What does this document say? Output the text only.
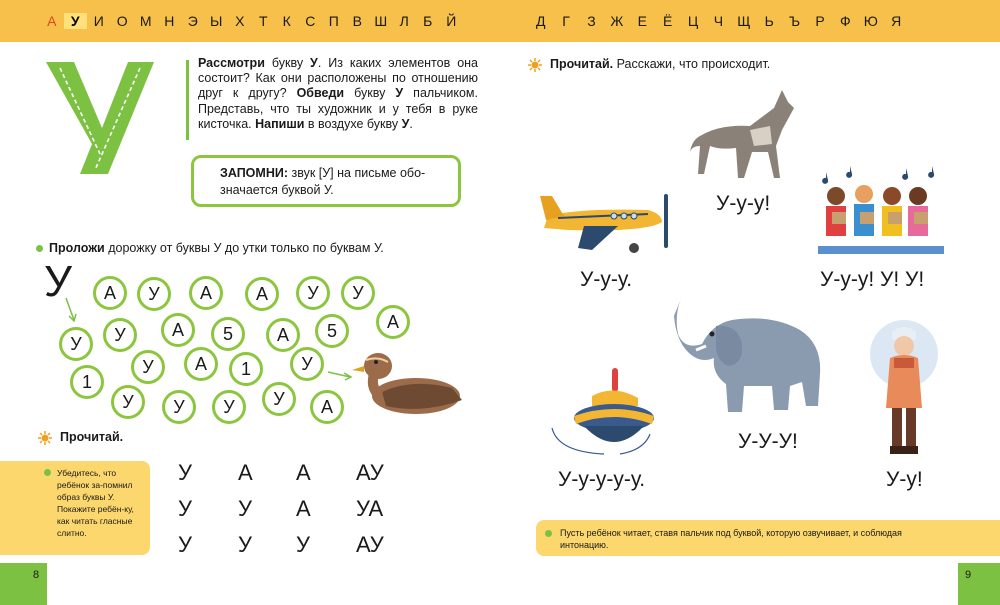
А	У	И О М Н Э Ы Х	Т	К	С П В Ш Л	Б Й	Д	Г	З	Ж	Е	Ё	Ц	Ч	Щ	Ь	Ъ	Р	Ф Ю Я
Рассмотри букву У. Из каких элементов она состоит? Как они расположены по отношению друг к другу? Обведи букву У пальчиком. Представь, что ты художник и у тебя в руке кисточка. Напиши в воздухе букву У.
ЗАПОМНИ: звук [У] на письме обо-значается буквой У.
Проложи дорожку от буквы У до утки только по буквам У.
У	А	У	А	А	У	У
У	У	А	5	А	5	А
1
У	А	1	У
У	У	У	У	А
Прочитай.
Убедитесь, что ребёнок за-помнил образ буквы У. Покажите ребён-ку, как читать гласные слитно.
У А А АУ
У У А УА
У У У АУ
8	9
Прочитай. Расскажи, что происходит.
У-у-у!
У-у-у.	У-у-у! У! У!
У-У-У!
У-у-у-у-у.	У-у!
Пусть ребёнок читает, ставя пальчик под буквой, которую озвучивает, и соблюдая интонацию.
